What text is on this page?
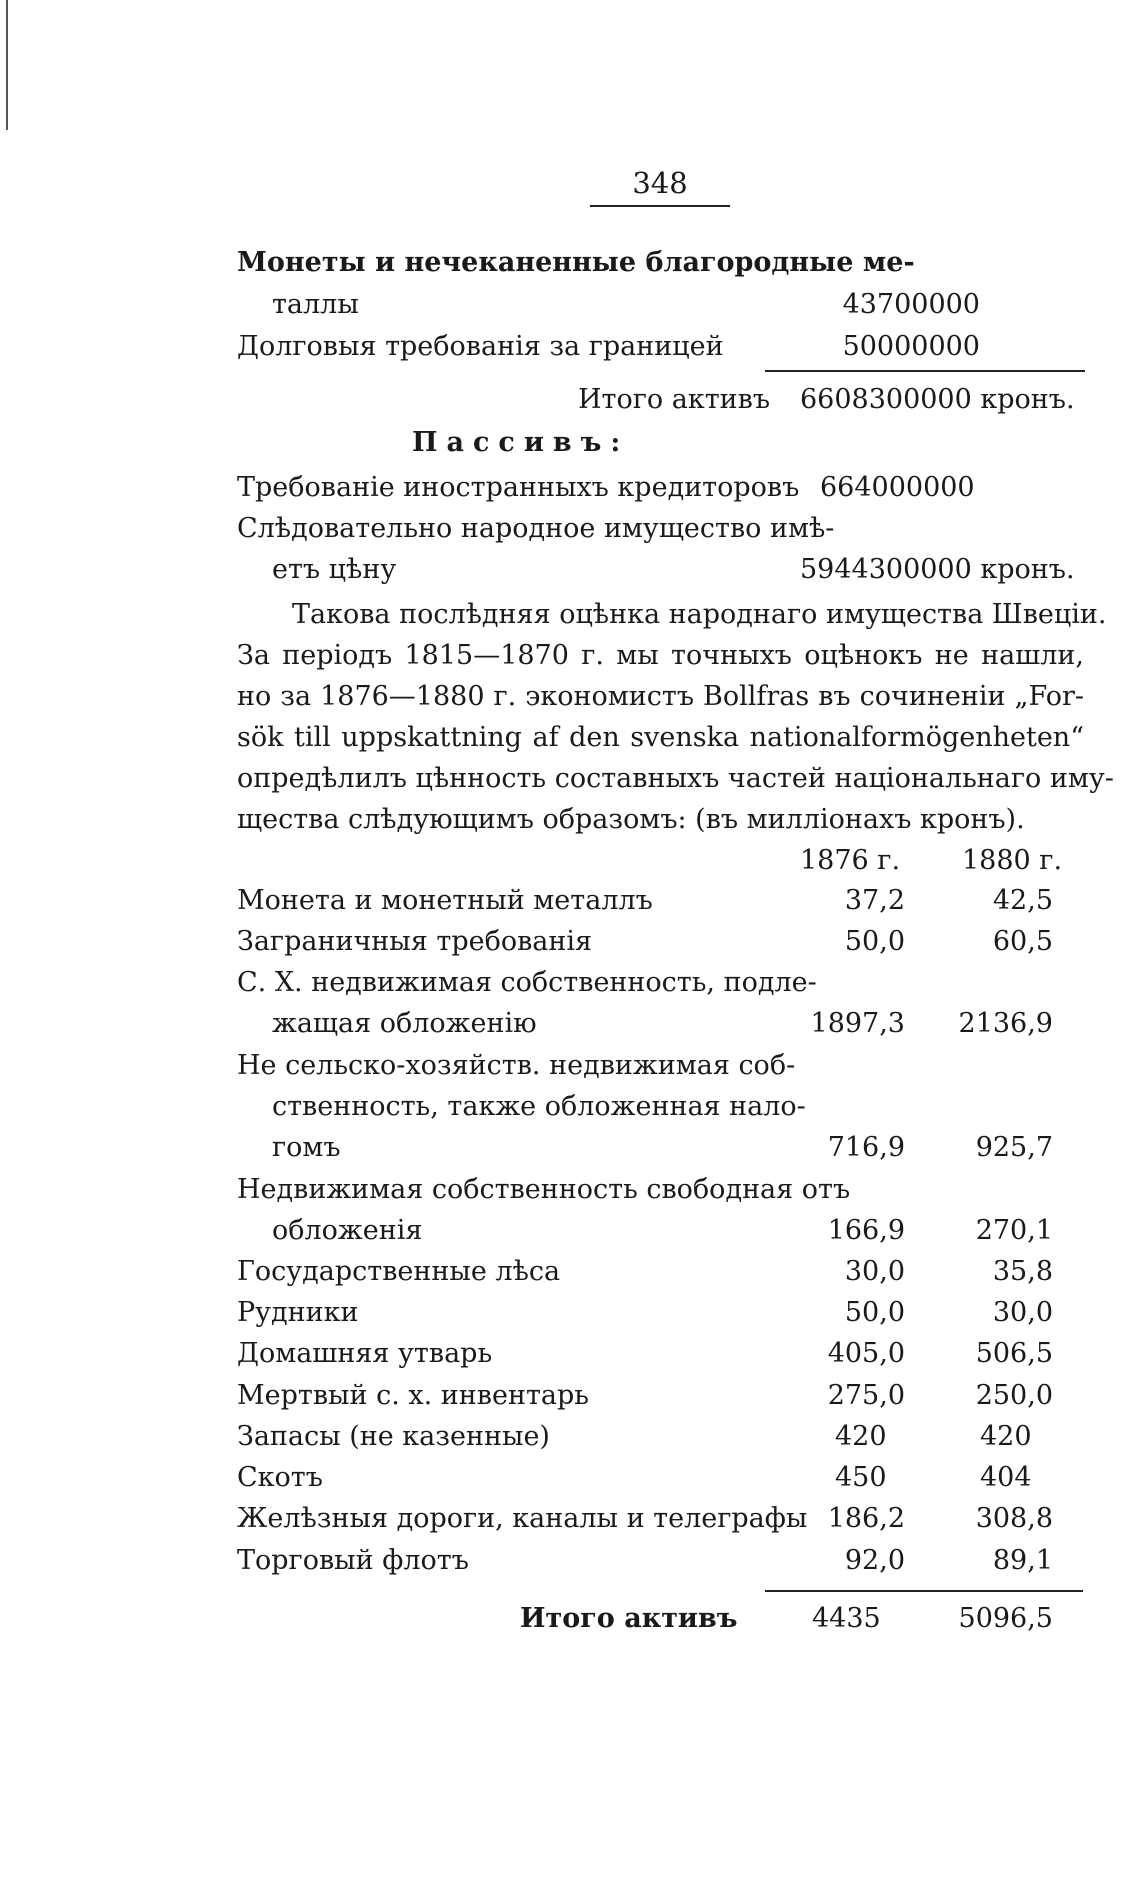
348
Монеты и нечеканенные благородные ме-
таллы	43700000
Долговыя требованія за границей	50000000
Итого активъ 6608300000 кронъ.
Пассивъ:
Требованіе иностранныхъ кредиторовъ 664000000
Слѣдовательно народное имущество имѣ-
етъ цѣну	5944300000 кронъ.
Такова послѣдняя оцѣнка народнаго имущества Швеціи.
За періодъ 1815—1870 г. мы точныхъ оцѣнокъ не нашли,
но за 1876—1880 г. экономистъ Bollfras въ сочиненіи „For-
sök till uppskattning af den svenska nationalformögenheten“
опредѣлилъ цѣнность составныхъ частей національнаго иму-
щества слѣдующимъ образомъ: (въ милліонахъ кронъ).
1876 г. 1880 г.
Монета и монетный металлъ	37,2	42,5
Заграничныя требованія	50,0	60,5
С. Х. недвижимая собственность, подле-
жащая обложенію	1897,3	2136,9
Не сельско-хозяйств. недвижимая соб-
ственность, также обложенная нало-
гомъ	716,9	925,7
Недвижимая собственность свободная отъ
обложенія	166,9	270,1
Государственные лѣса	30,0	35,8
Рудники	50,0	30,0
Домашняя утварь	405,0	506,5
Мертвый с. х. инвентарь	275,0	250,0
Запасы (не казенные)	420	420
Скотъ	450	404
Желѣзныя дороги, каналы и телеграфы 186,2	308,8
Торговый флотъ	92,0	89,1
Итого активъ	4435	5096,5
